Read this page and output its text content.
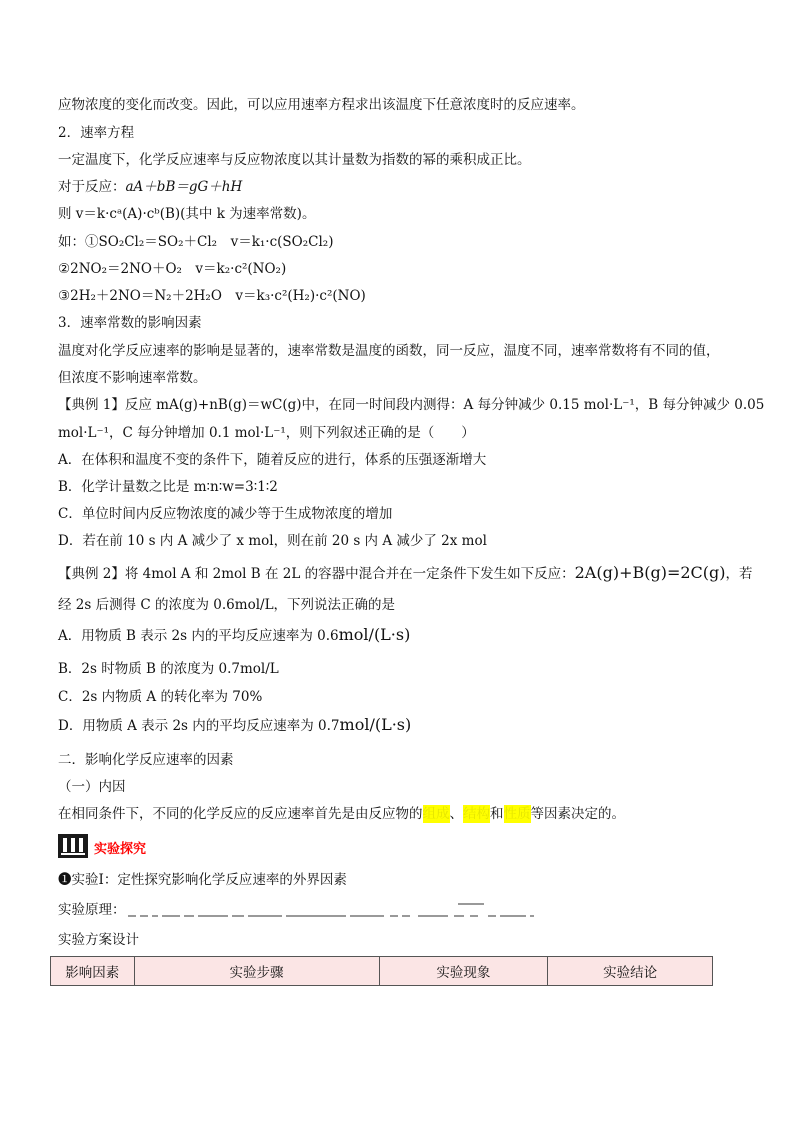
应物浓度的变化而改变。因此，可以应用速率方程求出该温度下任意浓度时的反应速率。
2．速率方程
一定温度下，化学反应速率与反应物浓度以其计量数为指数的幂的乘积成正比。
对于反应：aA＋bB＝gG＋hH
则 v＝k·cᵃ(A)·cᵇ(B)(其中 k 为速率常数)。
如：①SO₂Cl₂＝SO₂＋Cl₂　v＝k₁·c(SO₂Cl₂)
②2NO₂＝2NO＋O₂　v＝k₂·c²(NO₂)
③2H₂＋2NO＝N₂＋2H₂O　v＝k₃·c²(H₂)·c²(NO)
3．速率常数的影响因素
温度对化学反应速率的影响是显著的，速率常数是温度的函数，同一反应，温度不同，速率常数将有不同的值，
但浓度不影响速率常数。
【典例 1】反应 mA(g)+nB(g)＝wC(g)中，在同一时间段内测得：A 每分钟减少 0.15 mol·L⁻¹，B 每分钟减少 0.05
mol·L⁻¹，C 每分钟增加 0.1 mol·L⁻¹，则下列叙述正确的是（　　）
A．在体积和温度不变的条件下，随着反应的进行，体系的压强逐渐增大
B．化学计量数之比是 m∶n∶w=3∶1∶2
C．单位时间内反应物浓度的减少等于生成物浓度的增加
D．若在前 10 s 内 A 减少了 x mol，则在前 20 s 内 A 减少了 2x mol
【典例 2】将 4mol A 和 2mol B 在 2L 的容器中混合并在一定条件下发生如下反应：2A(g)+B(g)=2C(g)，若
经 2s 后测得 C 的浓度为 0.6mol/L，下列说法正确的是
A．用物质 B 表示 2s 内的平均反应速率为 0.6mol/(L·s)
B．2s 时物质 B 的浓度为 0.7mol/L
C．2s 内物质 A 的转化率为 70%
D．用物质 A 表示 2s 内的平均反应速率为 0.7mol/(L·s)
二．影响化学反应速率的因素
（一）内因
在相同条件下，不同的化学反应的反应速率首先是由反应物的组成、结构和性质等因素决定的。
实验探究
❶实验Ⅰ：定性探究影响化学反应速率的外界因素
实验原理：
实验方案设计
影响因素	实验步骤	实验现象	实验结论
